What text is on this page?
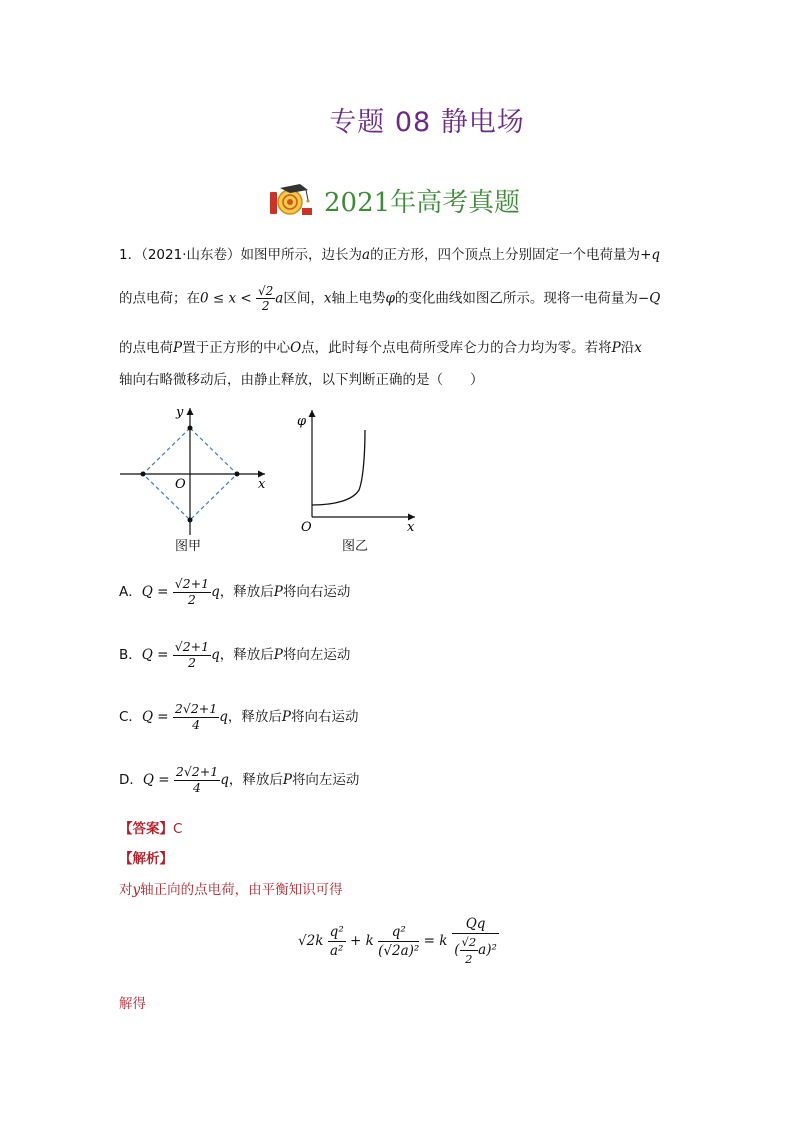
专题 08 静电场
2021年高考真题
1．（2021·山东卷）如图甲所示，边长为a的正方形，四个顶点上分别固定一个电荷量为+q
的点电荷；在$0 \le x < \frac{√2}{2}$ a区间，x轴上电势φ的变化曲线如图乙所示。现将一电荷量为−Q
的点电荷P置于正方形的中心O点，此时每个点电荷所受库仑力的合力均为零。若将P沿x
轴向右略微移动后，由静止释放，以下判断正确的是（　　）
y
x
O
图甲
φ
x
O
图乙
A．$Q = \frac{√2+1}{2}$ q，释放后P将向右运动
B．$Q = \frac{√2+1}{2}$ q，释放后P将向左运动
C．$Q = \frac{2√2+1}{4}$ q，释放后P将向右运动
D．$Q = \frac{2√2+1}{4}$ q，释放后P将向左运动
【答案】C
【解析】
对y轴正向的点电荷，由平衡知识可得
$√2k \frac{\text{q²}}{\text{a²}} + k \frac{\text{q²}}{\text{(√2a)²}} = k \frac{Qq}{( \frac{√2}{2} a)^2}$
解得
